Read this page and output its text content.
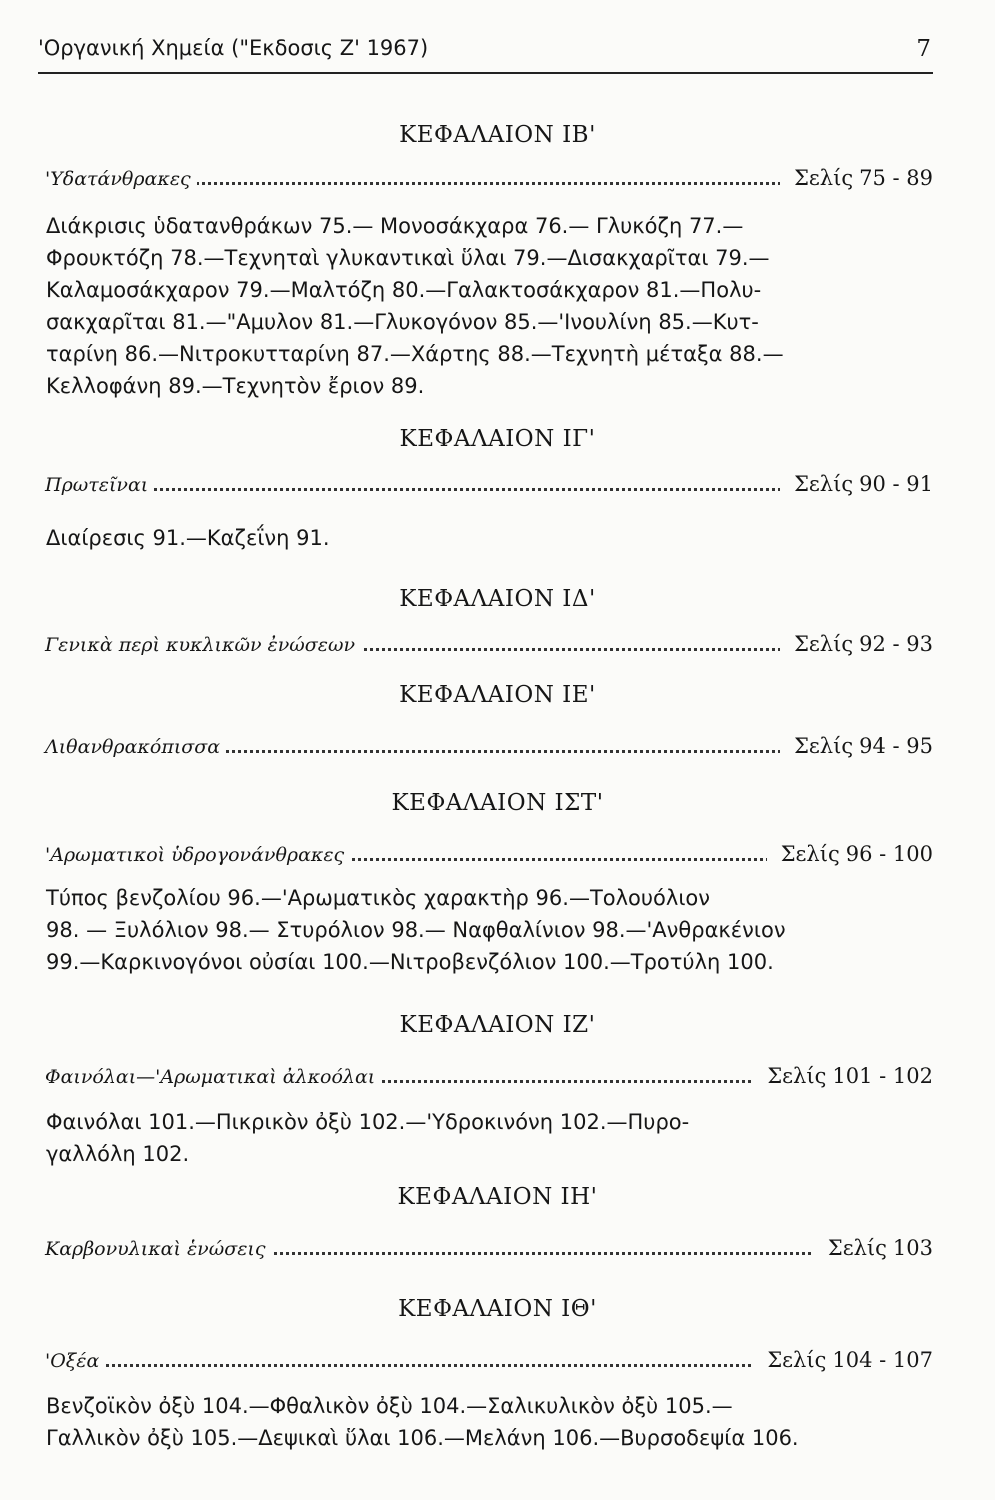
'Οργανική Χημεία ("Εκδοσις Ζ' 1967)	7
ΚΕΦΑΛΑΙΟΝ ΙΒ'
'Υδατάνθρακες	Σελίς 75 - 89
Διάκρισις ὑδατανθράκων 75.— Μονοσάκχαρα 76.— Γλυκόζη 77.—
Φρουκτόζη 78.—Τεχνηταὶ γλυκαντικαὶ ὕλαι 79.—Δισακχαρῖται 79.—
Καλαμοσάκχαρον 79.—Μαλτόζη 80.—Γαλακτοσάκχαρον 81.—Πολυ-
σακχαρῖται 81.—"Αμυλον 81.—Γλυκογόνον 85.—'Ινουλίνη 85.—Κυτ-
ταρίνη 86.—Νιτροκυτταρίνη 87.—Χάρτης 88.—Τεχνητὴ μέταξα 88.—
Κελλοφάνη 89.—Τεχνητὸν ἔριον 89.
ΚΕΦΑΛΑΙΟΝ ΙΓ'
Πρωτεῖναι	Σελίς 90 - 91
Διαίρεσις 91.—Καζεΐνη 91.
ΚΕΦΑΛΑΙΟΝ ΙΔ'
Γενικὰ περὶ κυκλικῶν ἐνώσεων	Σελίς 92 - 93
ΚΕΦΑΛΑΙΟΝ ΙΕ'
Λιθανθρακόπισσα	Σελίς 94 - 95
ΚΕΦΑΛΑΙΟΝ ΙΣΤ'
'Αρωματικοὶ ὑδρογονάνθρακες	Σελίς 96 - 100
Τύπος βενζολίου 96.—'Αρωματικὸς χαρακτὴρ 96.—Τολουόλιον
98. — Ξυλόλιον 98.— Στυρόλιον 98.— Ναφθαλίνιον 98.—'Ανθρακένιον
99.—Καρκινογόνοι οὐσίαι 100.—Νιτροβενζόλιον 100.—Τροτύλη 100.
ΚΕΦΑΛΑΙΟΝ ΙΖ'
Φαινόλαι—'Αρωματικαὶ ἀλκοόλαι	Σελίς 101 - 102
Φαινόλαι 101.—Πικρικὸν ὀξὺ 102.—'Υδροκινόνη 102.—Πυρο-
γαλλόλη 102.
ΚΕΦΑΛΑΙΟΝ ΙΗ'
Καρβονυλικαὶ ἑνώσεις	Σελίς 103
ΚΕΦΑΛΑΙΟΝ ΙΘ'
'Οξέα	Σελίς 104 - 107
Βενζοϊκὸν ὀξὺ 104.—Φθαλικὸν ὀξὺ 104.—Σαλικυλικὸν ὀξὺ 105.—
Γαλλικὸν ὀξὺ 105.—Δεψικαὶ ὕλαι 106.—Μελάνη 106.—Βυρσοδεψία 106.
